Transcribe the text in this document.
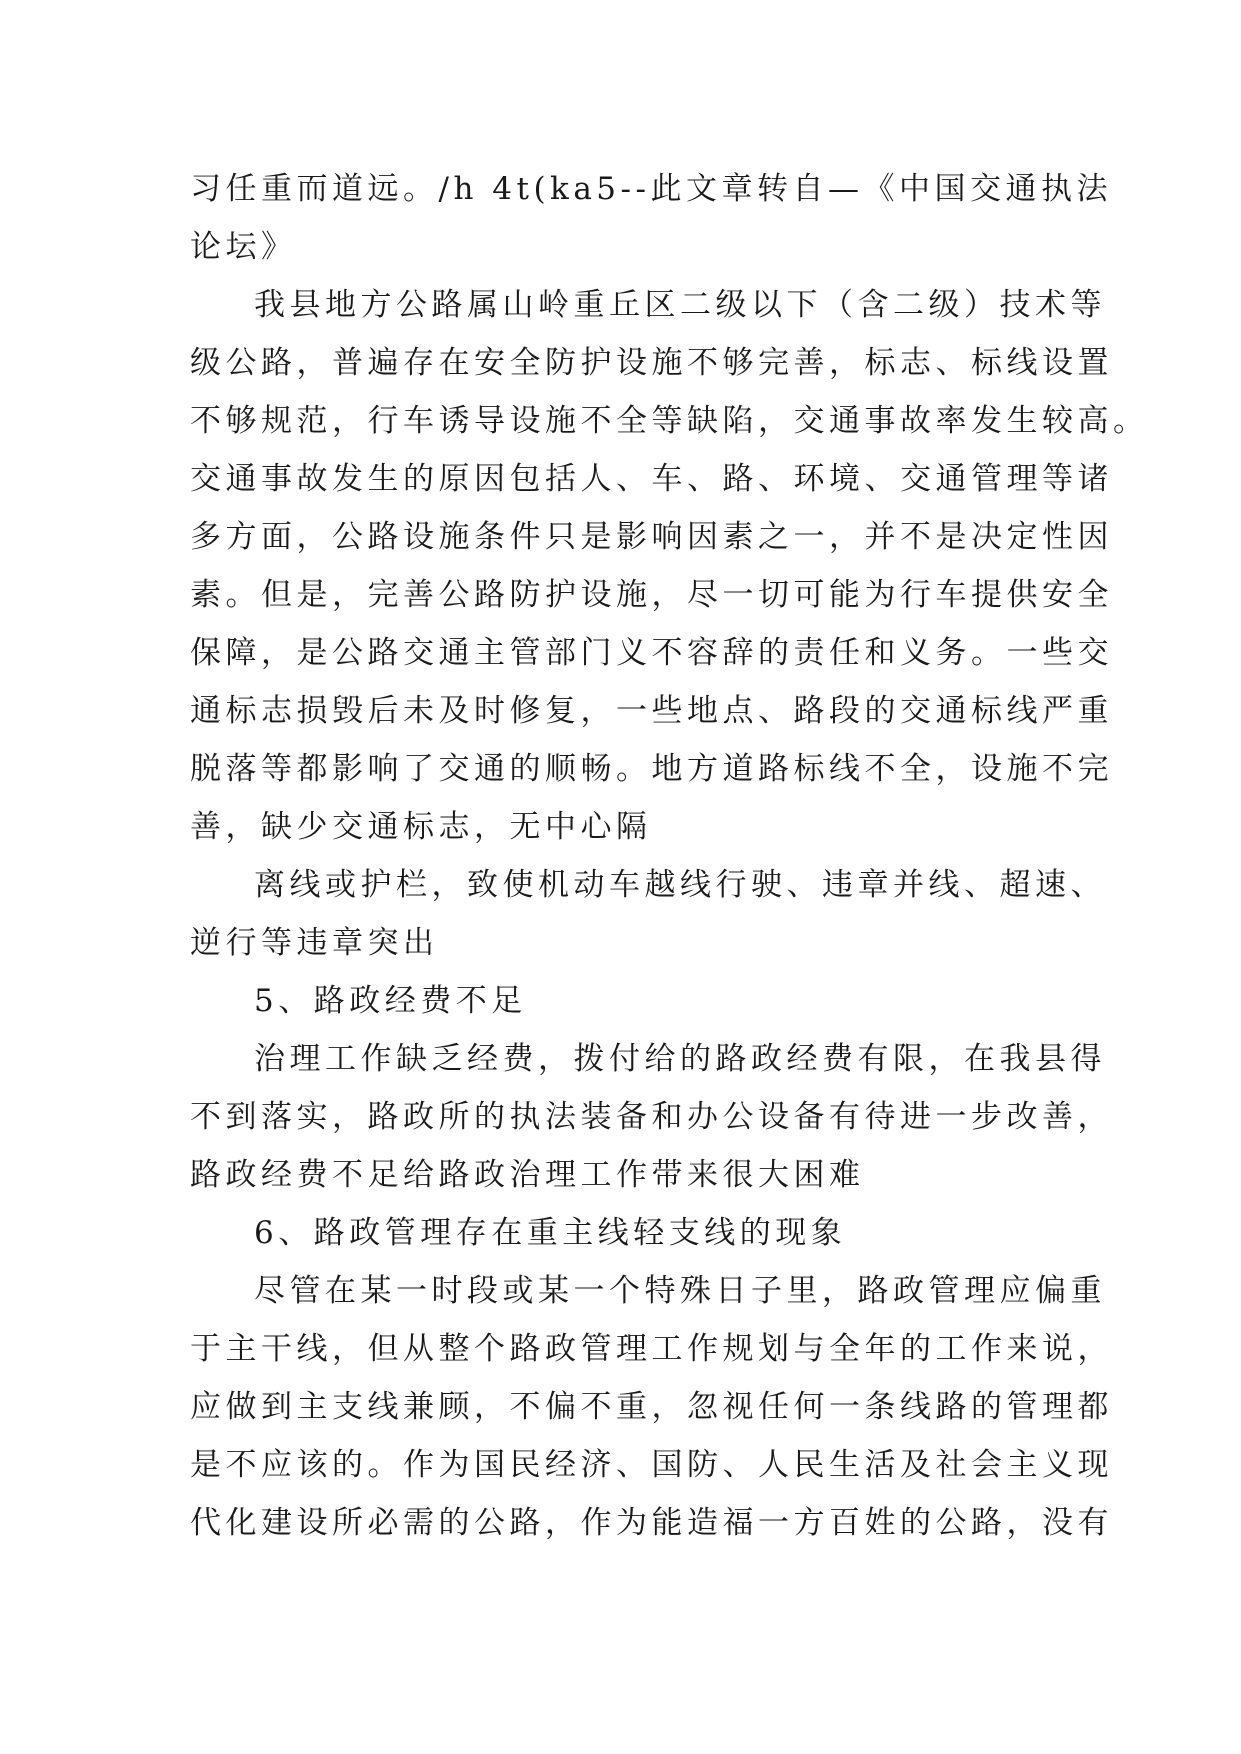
习任重而道远。/h 4t(ka5--此文章转自—《中国交通执法
论坛》

我县地方公路属山岭重丘区二级以下（含二级）技术等
级公路，普遍存在安全防护设施不够完善，标志、标线设置
不够规范，行车诱导设施不全等缺陷，交通事故率发生较高。
交通事故发生的原因包括人、车、路、环境、交通管理等诸
多方面，公路设施条件只是影响因素之一，并不是决定性因
素。但是，完善公路防护设施，尽一切可能为行车提供安全
保障，是公路交通主管部门义不容辞的责任和义务。一些交
通标志损毁后未及时修复，一些地点、路段的交通标线严重
脱落等都影响了交通的顺畅。地方道路标线不全，设施不完
善，缺少交通标志，无中心隔

离线或护栏，致使机动车越线行驶、违章并线、超速、
逆行等违章突出

5、路政经费不足

治理工作缺乏经费，拨付给的路政经费有限，在我县得
不到落实，路政所的执法装备和办公设备有待进一步改善，
路政经费不足给路政治理工作带来很大困难

6、路政管理存在重主线轻支线的现象

尽管在某一时段或某一个特殊日子里，路政管理应偏重
于主干线，但从整个路政管理工作规划与全年的工作来说，
应做到主支线兼顾，不偏不重，忽视任何一条线路的管理都
是不应该的。作为国民经济、国防、人民生活及社会主义现
代化建设所必需的公路，作为能造福一方百姓的公路，没有
